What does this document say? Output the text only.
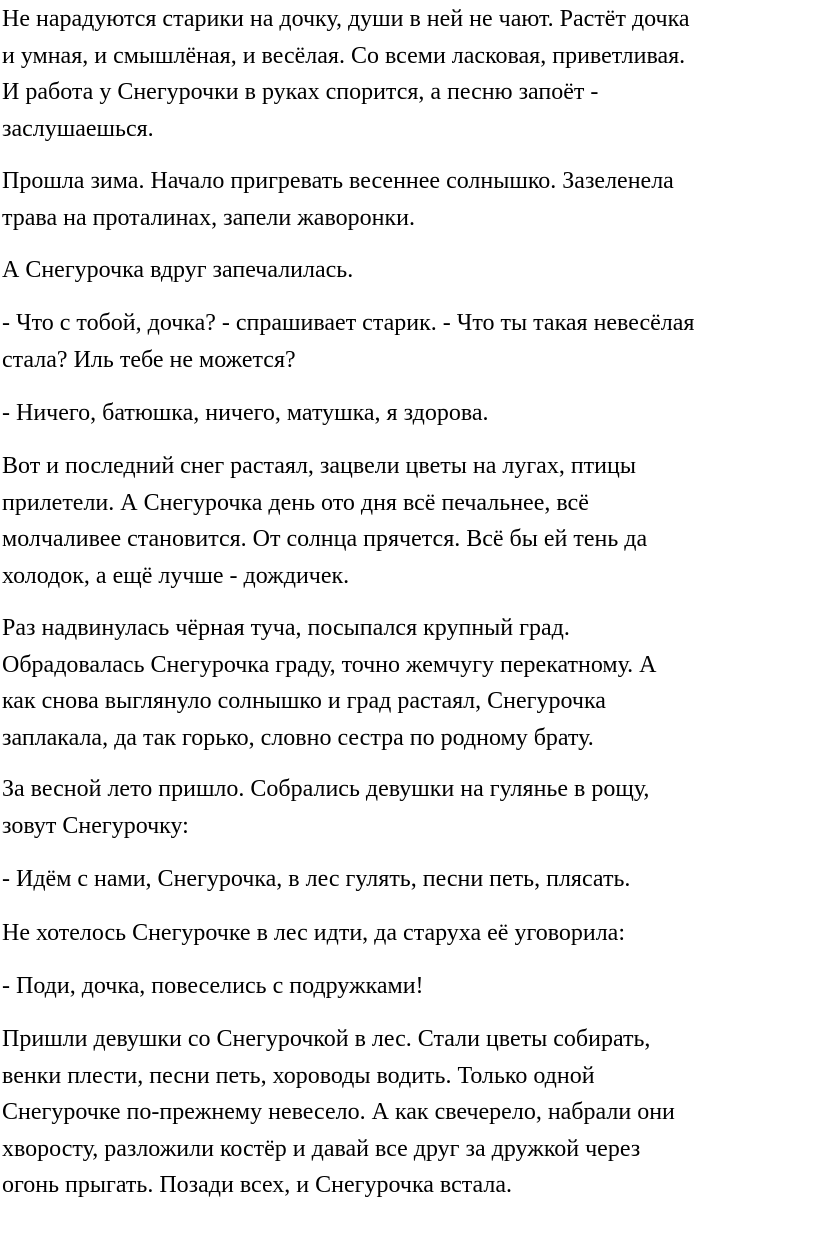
Не нарадуются старики на дочку, души в ней не чают. Растёт дочка
и умная, и смышлёная, и весёлая. Со всеми ласковая, приветливая.
И работа у Снегурочки в руках спорится, а песню запоёт -
заслушаешься.

Прошла зима. Начало пригревать весеннее солнышко. Зазеленела
трава на проталинах, запели жаворонки.

А Снегурочка вдруг запечалилась.

- Что с тобой, дочка? - спрашивает старик. - Что ты такая невесёлая
стала? Иль тебе не можется?

- Ничего, батюшка, ничего, матушка, я здорова.

Вот и последний снег растаял, зацвели цветы на лугах, птицы
прилетели. А Снегурочка день ото дня всё печальнее, всё
молчаливее становится. От солнца прячется. Всё бы ей тень да
холодок, а ещё лучше - дождичек.

Раз надвинулась чёрная туча, посыпался крупный град.
Обрадовалась Снегурочка граду, точно жемчугу перекатному. А
как снова выглянуло солнышко и град растаял, Снегурочка
заплакала, да так горько, словно сестра по родному брату.

За весной лето пришло. Собрались девушки на гулянье в рощу,
зовут Снегурочку:

- Идём с нами, Снегурочка, в лес гулять, песни петь, плясать.

Не хотелось Снегурочке в лес идти, да старуха её уговорила:

- Поди, дочка, повеселись с подружками!

Пришли девушки со Снегурочкой в лес. Стали цветы собирать,
венки плести, песни петь, хороводы водить. Только одной
Снегурочке по-прежнему невесело. А как свечерело, набрали они
хворосту, разложили костёр и давай все друг за дружкой через
огонь прыгать. Позади всех, и Снегурочка встала.
